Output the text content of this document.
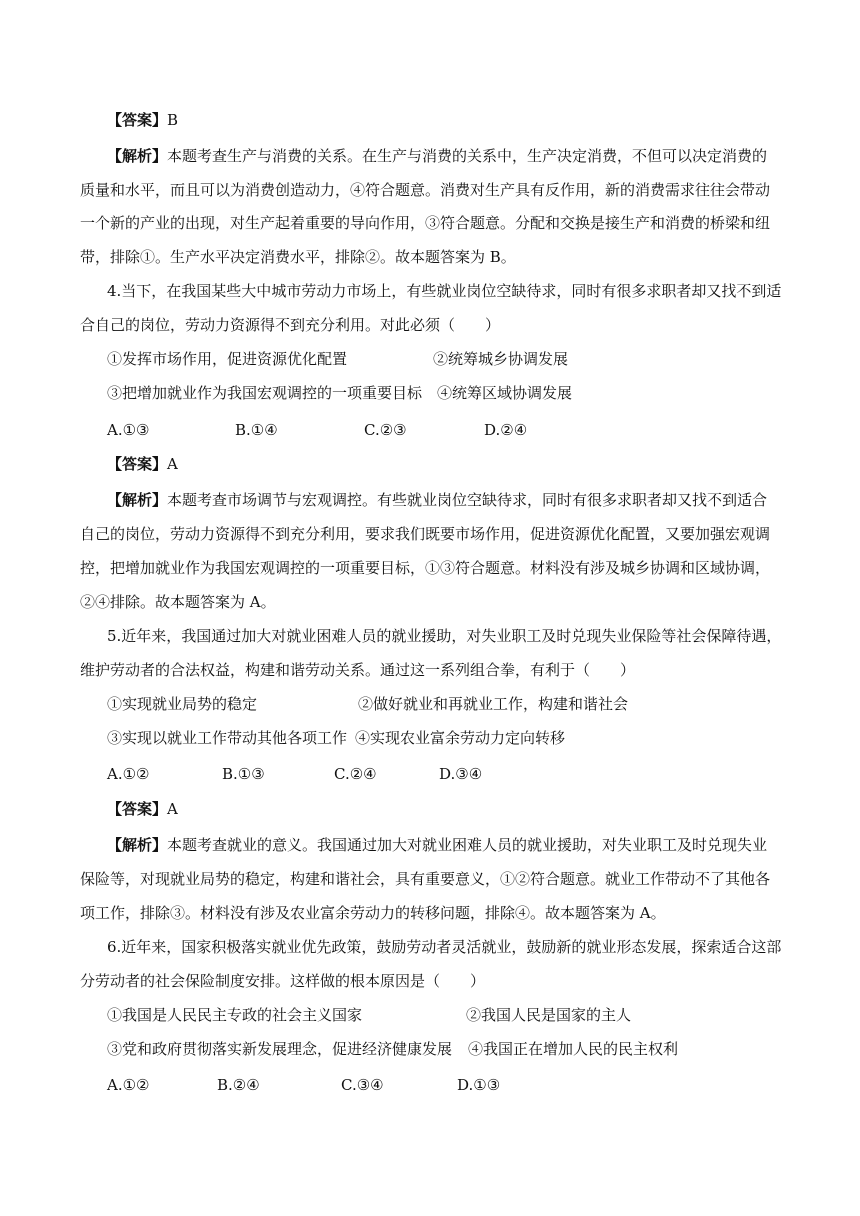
【答案】 B
【解析】 本题考查生产与消费的关系。在生产与消费的关系中，生产决定消费，不但可以决定消费的
质量和水平，而且可以为消费创造动力，④符合题意。消费对生产具有反作用，新的消费需求往往会带动
一个新的产业的出现，对生产起着重要的导向作用，③符合题意。分配和交换是接生产和消费的桥梁和纽
带，排除①。生产水平决定消费水平，排除②。故本题答案为 B。
4.当下，在我国某些大中城市劳动力市场上，有些就业岗位空缺待求，同时有很多求职者却又找不到适
合自己的岗位，劳动力资源得不到充分利用。对此必须（　　）
①发挥市场作用，促进资源优化配置	②统筹城乡协调发展
③把增加就业作为我国宏观调控的一项重要目标 ④统筹区域协调发展
A.①③	B.①④	C.②③	D.②④
【答案】 A
【解析】 本题考查市场调节与宏观调控。有些就业岗位空缺待求，同时有很多求职者却又找不到适合
自己的岗位，劳动力资源得不到充分利用，要求我们既要市场作用，促进资源优化配置，又要加强宏观调
控，把增加就业作为我国宏观调控的一项重要目标，①③符合题意。材料没有涉及城乡协调和区域协调，
②④排除。故本题答案为 A。
5.近年来，我国通过加大对就业困难人员的就业援助，对失业职工及时兑现失业保险等社会保障待遇，
维护劳动者的合法权益，构建和谐劳动关系。通过这一系列组合拳，有利于（　　）
①实现就业局势的稳定	②做好就业和再就业工作，构建和谐社会
③实现以就业工作带动其他各项工作 ④实现农业富余劳动力定向转移
A.①②	B.①③	C.②④	D.③④
【答案】 A
【解析】 本题考查就业的意义。我国通过加大对就业困难人员的就业援助，对失业职工及时兑现失业
保险等，对现就业局势的稳定，构建和谐社会，具有重要意义，①②符合题意。就业工作带动不了其他各
项工作，排除③。材料没有涉及农业富余劳动力的转移问题，排除④。故本题答案为 A。
6.近年来，国家积极落实就业优先政策，鼓励劳动者灵活就业，鼓励新的就业形态发展，探索适合这部
分劳动者的社会保险制度安排。这样做的根本原因是（　　）
①我国是人民民主专政的社会主义国家	②我国人民是国家的主人
③党和政府贯彻落实新发展理念，促进经济健康发展 ④我国正在增加人民的民主权利
A.①②	B.②④	C.③④	D.①③
